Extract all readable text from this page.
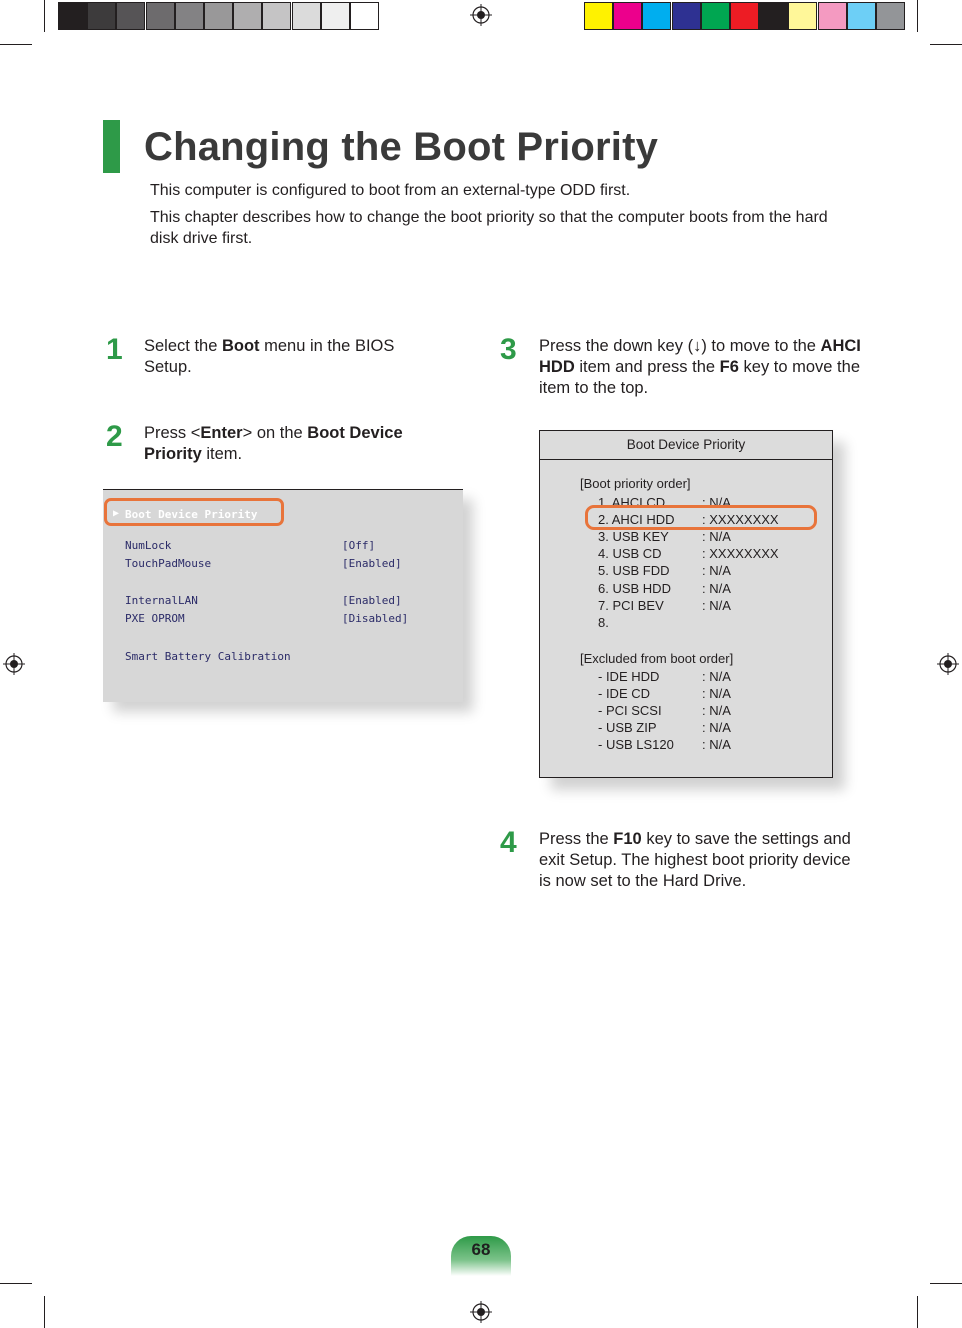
Changing the Boot Priority
This computer is configured to boot from an external-type ODD first.
This chapter describes how to change the boot priority so that the computer boots from the hard disk drive first.
1 Select the Boot menu in the BIOS Setup.
2 Press <Enter> on the Boot Device Priority item.
▶ Boot Device Priority
NumLock	[Off]
TouchPadMouse	[Enabled]
InternalLAN	[Enabled]
PXE OPROM	[Disabled]
Smart Battery Calibration
3 Press the down key (↓) to move to the AHCI HDD item and press the F6 key to move the item to the top.
Boot Device Priority
[Boot priority order]
1. AHCI CD	: N/A
2. AHCI HDD : XXXXXXXX
3. USB KEY	: N/A
4. USB CD	: XXXXXXXX
5. USB FDD : N/A
6. USB HDD : N/A
7. PCI BEV	: N/A
8.
[Excluded from boot order]
- IDE HDD	: N/A
- IDE CD	: N/A
- PCI SCSI	: N/A
- USB ZIP	: N/A
- USB LS120 : N/A
4 Press the F10 key to save the settings and exit Setup. The highest boot priority device is now set to the Hard Drive.
68
